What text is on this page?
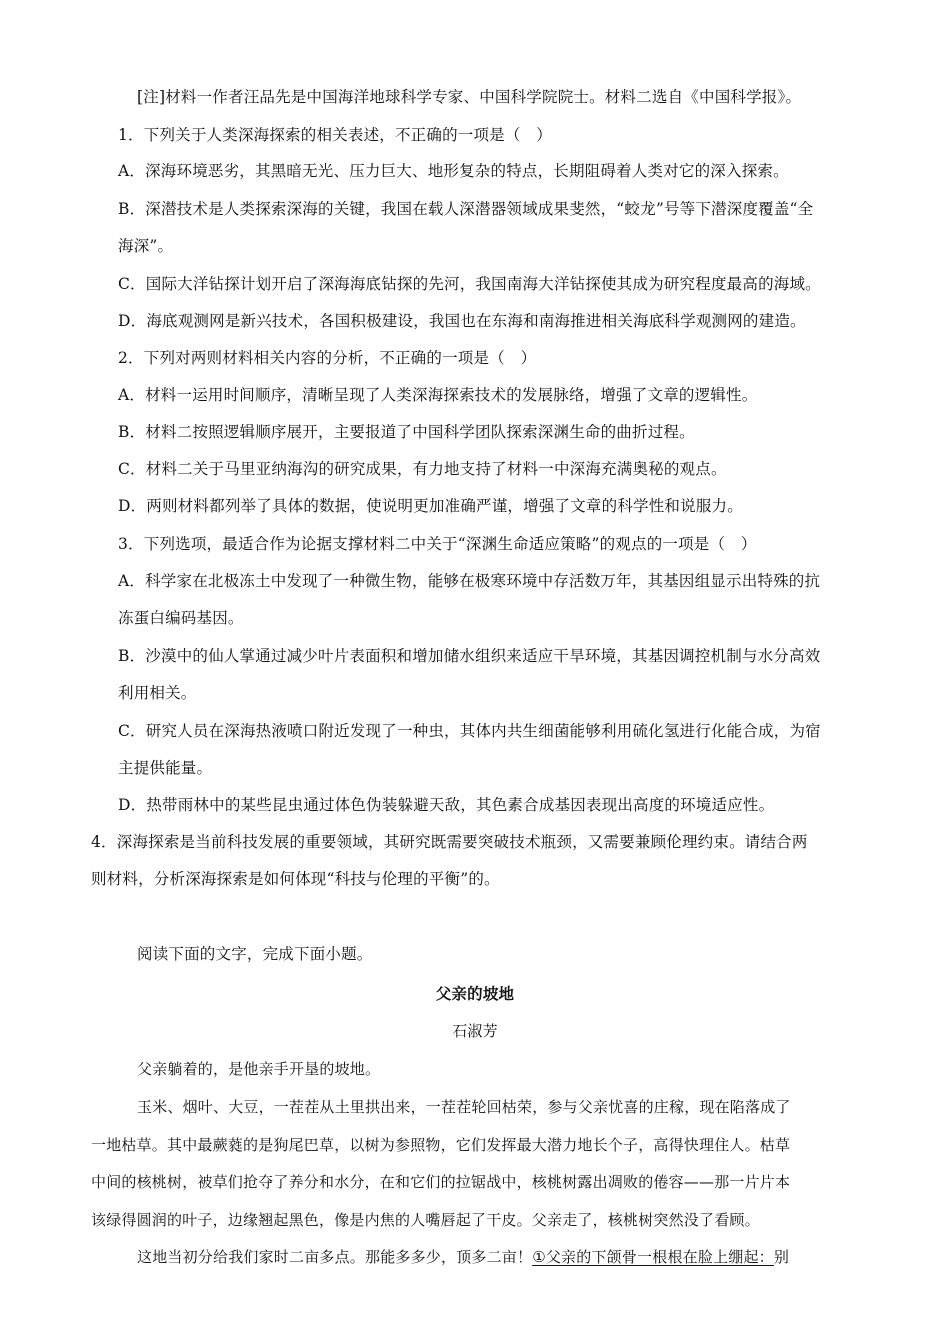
[注]材料一作者汪品先是中国海洋地球科学专家、中国科学院院士。材料二选自《中国科学报》。
1．下列关于人类深海探索的相关表述，不正确的一项是（　）
A．深海环境恶劣，其黑暗无光、压力巨大、地形复杂的特点，长期阻碍着人类对它的深入探索。
B．深潜技术是人类探索深海的关键，我国在载人深潜器领域成果斐然，“蛟龙”号等下潜深度覆盖“全
海深”。
C．国际大洋钻探计划开启了深海海底钻探的先河，我国南海大洋钻探使其成为研究程度最高的海域。
D．海底观测网是新兴技术，各国积极建设，我国也在东海和南海推进相关海底科学观测网的建造。
2．下列对两则材料相关内容的分析，不正确的一项是（　）
A．材料一运用时间顺序，清晰呈现了人类深海探索技术的发展脉络，增强了文章的逻辑性。
B．材料二按照逻辑顺序展开，主要报道了中国科学团队探索深渊生命的曲折过程。
C．材料二关于马里亚纳海沟的研究成果，有力地支持了材料一中深海充满奥秘的观点。
D．两则材料都列举了具体的数据，使说明更加准确严谨，增强了文章的科学性和说服力。
3．下列选项，最适合作为论据支撑材料二中关于“深渊生命适应策略”的观点的一项是（　）
A．科学家在北极冻土中发现了一种微生物，能够在极寒环境中存活数万年，其基因组显示出特殊的抗
冻蛋白编码基因。
B．沙漠中的仙人掌通过减少叶片表面积和增加储水组织来适应干旱环境，其基因调控机制与水分高效
利用相关。
C．研究人员在深海热液喷口附近发现了一种虫，其体内共生细菌能够利用硫化氢进行化能合成，为宿
主提供能量。
D．热带雨林中的某些昆虫通过体色伪装躲避天敌，其色素合成基因表现出高度的环境适应性。
4．深海探索是当前科技发展的重要领域，其研究既需要突破技术瓶颈，又需要兼顾伦理约束。请结合两
则材料，分析深海探索是如何体现“科技与伦理的平衡”的。
阅读下面的文字，完成下面小题。
父亲的坡地
石淑芳
父亲躺着的，是他亲手开垦的坡地。
玉米、烟叶、大豆，一茬茬从土里拱出来，一茬茬轮回枯荣，参与父亲忧喜的庄稼，现在陷落成了
一地枯草。其中最蕨蕤的是狗尾巴草，以树为参照物，它们发挥最大潜力地长个子，高得快理住人。枯草
中间的核桃树，被草们抢夺了养分和水分，在和它们的拉锯战中，核桃树露出凋败的倦容——那一片片本
该绿得圆润的叶子，边缘翘起黑色，像是内焦的人嘴唇起了干皮。父亲走了，核桃树突然没了看顾。
这地当初分给我们家时二亩多点。那能多多少，顶多二亩！①父亲的下颌骨一根根在脸上绷起：别
